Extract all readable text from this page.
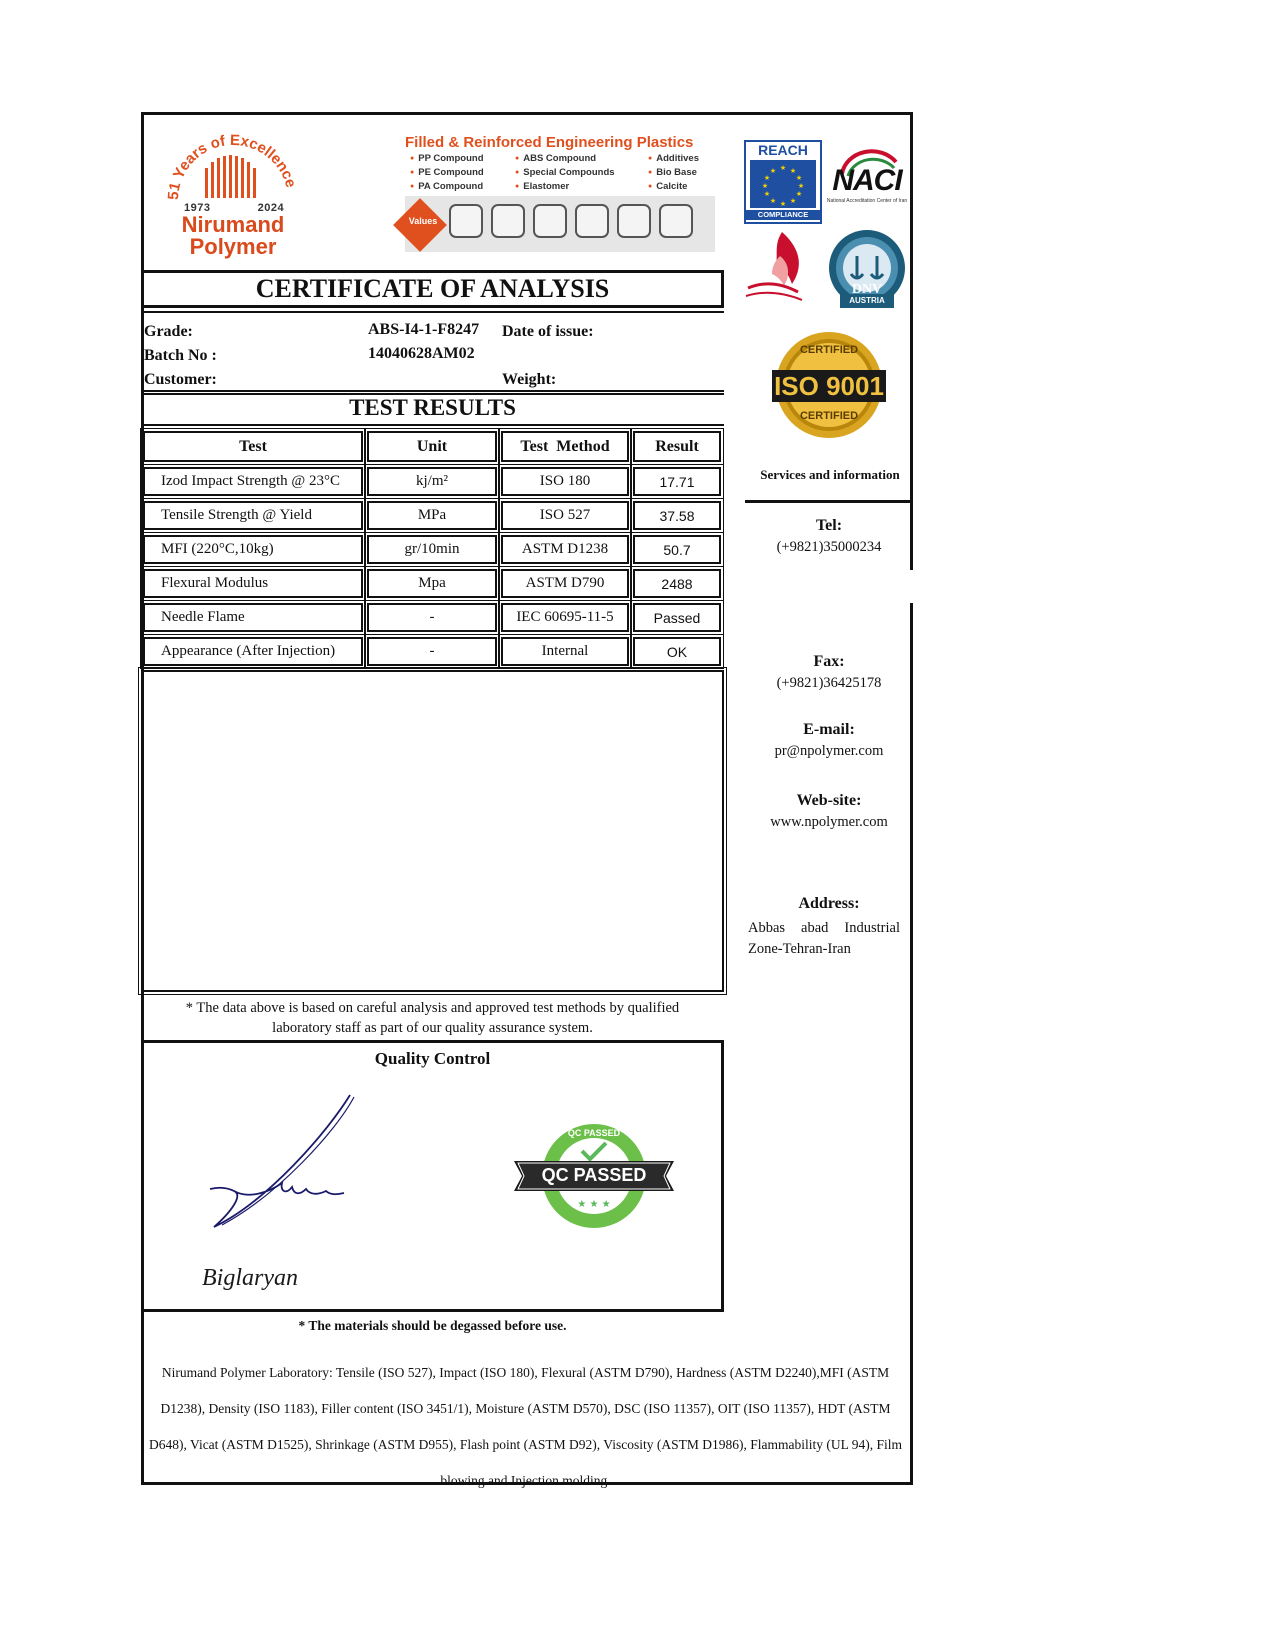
51 Years of Excellence
1973	2024
Nirumand
Polymer
Filled & Reinforced Engineering Plastics
● PP Compound
● PE Compound
● PA Compound
● ABS Compound
● Special Compounds
● Elastomer
● Additives
● Bio Base
● Calcite
Values
REACH
★ ★
★
★
★
★
★
★
★
★
★
★
COMPLIANCE
NACI
National Accreditation Center of Iran
DNV
AUSTRIA
CERTIFIED
ISO 9001
CERTIFIED
CERTIFICATE OF ANALYSIS
Grade:	ABS-I4-1-F8247 Date of issue:
Batch No :	14040628AM02
Customer:	Weight:
TEST RESULTS
Test	Unit	Test  Method	Result
Izod Impact Strength @ 23°C	kj/m²	ISO 180	17.71
Tensile Strength @ Yield	MPa	ISO 527	37.58
MFI (220°C,10kg)	gr/10min	ASTM D1238	50.7
Flexural Modulus	Mpa	ASTM D790	2488
Needle Flame	-	IEC 60695-11-5	Passed
Appearance (After Injection)	-	Internal	OK
* The data above is based on careful analysis and approved test methods by qualified
laboratory staff as part of our quality assurance system.
Quality Control
Biglaryan
★ ★ ★
QC PASSED
QC PASSED
* The materials should be degassed before use.
Nirumand Polymer Laboratory: Tensile (ISO 527), Impact (ISO 180), Flexural (ASTM D790), Hardness (ASTM D2240),MFI (ASTM D1238), Density (ISO 1183), Filler content (ISO 3451/1), Moisture (ASTM D570), DSC (ISO 11357), OIT (ISO 11357), HDT (ASTM D648), Vicat (ASTM D1525), Shrinkage (ASTM D955), Flash point (ASTM D92), Viscosity (ASTM D1986), Flammability (UL 94), Film blowing and Injection molding.
Services and information
Tel:
(+9821)35000234
Fax:
(+9821)36425178
E-mail:
pr@npolymer.com
Web-site:
www.npolymer.com
Address:
Abbas abad Industrial Zone-Tehran-Iran
